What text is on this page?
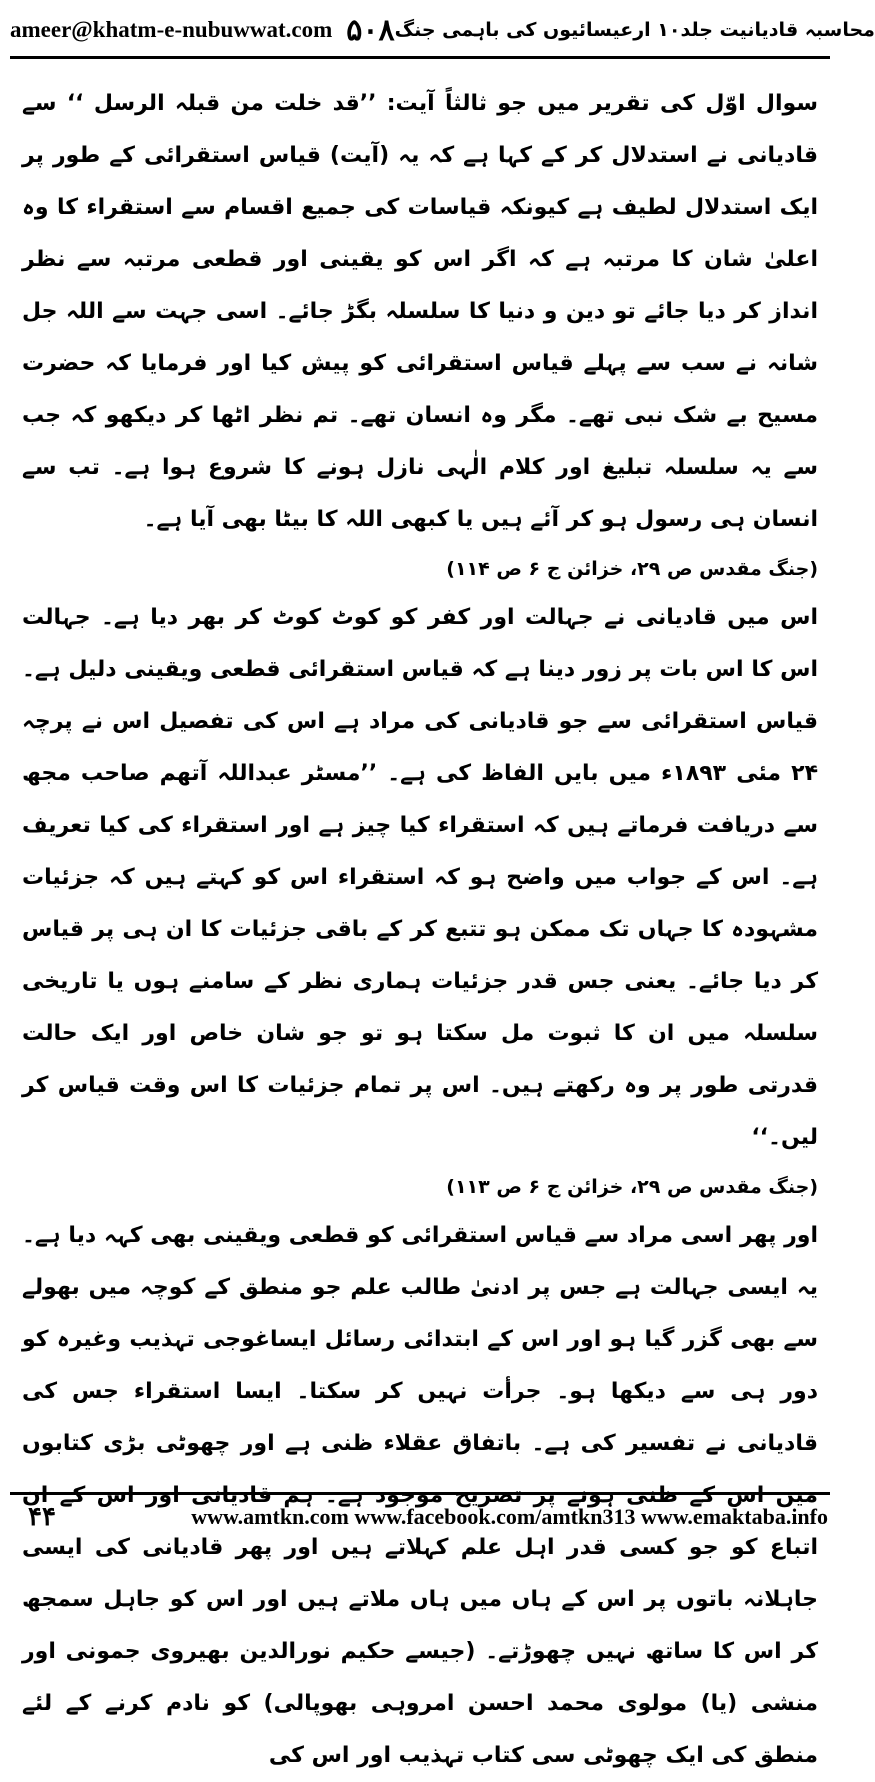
ameer@khatm-e-nubuwwat.com ۵۰۸ محاسبہ قادیانیت جلد۱۰ ارعیسائیوں کی باہمی جنگ

سوال اوّل کی تقریر میں جو ثالثاً آیت: ’’قد خلت من قبلہ الرسل ‘‘ سے قادیانی نے استدلال کر کے کہا ہے کہ یہ (آیت) قیاس استقرائی کے طور پر ایک استدلال لطیف ہے کیونکہ قیاسات کی جمیع اقسام سے استقراء کا وہ اعلیٰ شان کا مرتبہ ہے کہ اگر اس کو یقینی اور قطعی مرتبہ سے نظر انداز کر دیا جائے تو دین و دنیا کا سلسلہ بگڑ جائے۔ اسی جہت سے اللہ جل شانہ نے سب سے پہلے قیاس استقرائی کو پیش کیا اور فرمایا کہ حضرت مسیح بے شک نبی تھے۔ مگر وہ انسان تھے۔ تم نظر اٹھا کر دیکھو کہ جب سے یہ سلسلہ تبلیغ اور کلام الٰہی نازل ہونے کا شروع ہوا ہے۔ تب سے انسان ہی رسول ہو کر آئے ہیں یا کبھی اللہ کا بیٹا بھی آیا ہے۔

(جنگ مقدس ص ۲۹، خزائن ج ۶ ص ۱۱۴)

اس میں قادیانی نے جہالت اور کفر کو کوٹ کوٹ کر بھر دیا ہے۔ جہالت اس کا اس بات پر زور دینا ہے کہ قیاس استقرائی قطعی ویقینی دلیل ہے۔ قیاس استقرائی سے جو قادیانی کی مراد ہے اس کی تفصیل اس نے پرچہ ۲۴ مئی ۱۸۹۳ء میں بایں الفاظ کی ہے۔ ’’مسٹر عبداللہ آتھم صاحب مجھ سے دریافت فرماتے ہیں کہ استقراء کیا چیز ہے اور استقراء کی کیا تعریف ہے۔ اس کے جواب میں واضح ہو کہ استقراء اس کو کہتے ہیں کہ جزئیات مشہودہ کا جہاں تک ممکن ہو تتبع کر کے باقی جزئیات کا ان ہی پر قیاس کر دیا جائے۔ یعنی جس قدر جزئیات ہماری نظر کے سامنے ہوں یا تاریخی سلسلہ میں ان کا ثبوت مل سکتا ہو تو جو شان خاص اور ایک حالت قدرتی طور پر وہ رکھتے ہیں۔ اس پر تمام جزئیات کا اس وقت قیاس کر لیں۔‘‘

(جنگ مقدس ص ۲۹، خزائن ج ۶ ص ۱۱۳)

اور پھر اسی مراد سے قیاس استقرائی کو قطعی ویقینی بھی کہہ دیا ہے۔ یہ ایسی جہالت ہے جس پر ادنیٰ طالب علم جو منطق کے کوچہ میں بھولے سے بھی گزر گیا ہو اور اس کے ابتدائی رسائل ایساغوجی تہذیب وغیرہ کو دور ہی سے دیکھا ہو۔ جرأت نہیں کر سکتا۔ ایسا استقراء جس کی قادیانی نے تفسیر کی ہے۔ باتفاق عقلاء ظنی ہے اور چھوٹی بڑی کتابوں میں اس کے ظنی ہونے پر تصریح موجود ہے۔ ہم قادیانی اور اس کے ان اتباع کو جو کسی قدر اہل علم کہلاتے ہیں اور پھر قادیانی کی ایسی جاہلانہ باتوں پر اس کے ہاں میں ہاں ملاتے ہیں اور اس کو جاہل سمجھ کر اس کا ساتھ نہیں چھوڑتے۔ (جیسے حکیم نورالدین بھیروی جمونی اور منشی (یا) مولوی محمد احسن امروہی بھوپالی) کو نادم کرنے کے لئے منطق کی ایک چھوٹی سی کتاب تہذیب اور اس کی

۴۴	www.amtkn.com www.facebook.com/amtkn313 www.emaktaba.info
